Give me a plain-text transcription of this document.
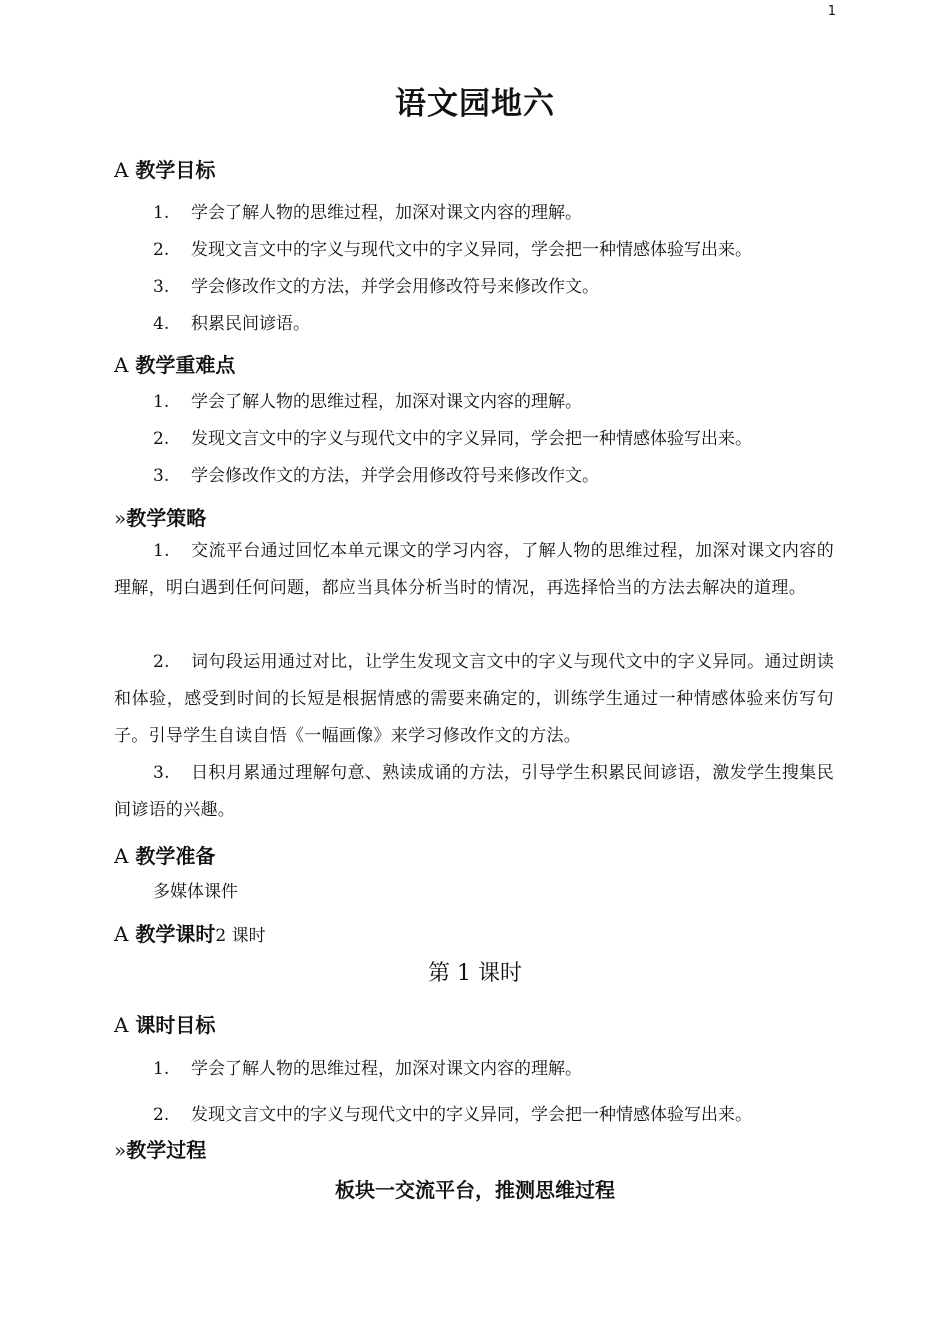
1
语文园地六
A 教学目标
1. 学会了解人物的思维过程，加深对课文内容的理解。
2. 发现文言文中的字义与现代文中的字义异同，学会把一种情感体验写出来。
3. 学会修改作文的方法，并学会用修改符号来修改作文。
4. 积累民间谚语。
A 教学重难点
1. 学会了解人物的思维过程，加深对课文内容的理解。
2. 发现文言文中的字义与现代文中的字义异同，学会把一种情感体验写出来。
3. 学会修改作文的方法，并学会用修改符号来修改作文。
»教学策略
1. 交流平台通过回忆本单元课文的学习内容，了解人物的思维过程，加深对课文内容的理解，明白遇到任何问题，都应当具体分析当时的情况，再选择恰当的方法去解决的道理。
2. 词句段运用通过对比，让学生发现文言文中的字义与现代文中的字义异同。通过朗读和体验，感受到时间的长短是根据情感的需要来确定的，训练学生通过一种情感体验来仿写句子。引导学生自读自悟《一幅画像》来学习修改作文的方法。
3. 日积月累通过理解句意、熟读成诵的方法，引导学生积累民间谚语，激发学生搜集民间谚语的兴趣。
A 教学准备
多媒体课件
A 教学课时2 课时
第 1 课时
A 课时目标
1. 学会了解人物的思维过程，加深对课文内容的理解。
2. 发现文言文中的字义与现代文中的字义异同，学会把一种情感体验写出来。
»教学过程
板块一交流平台，推测思维过程
